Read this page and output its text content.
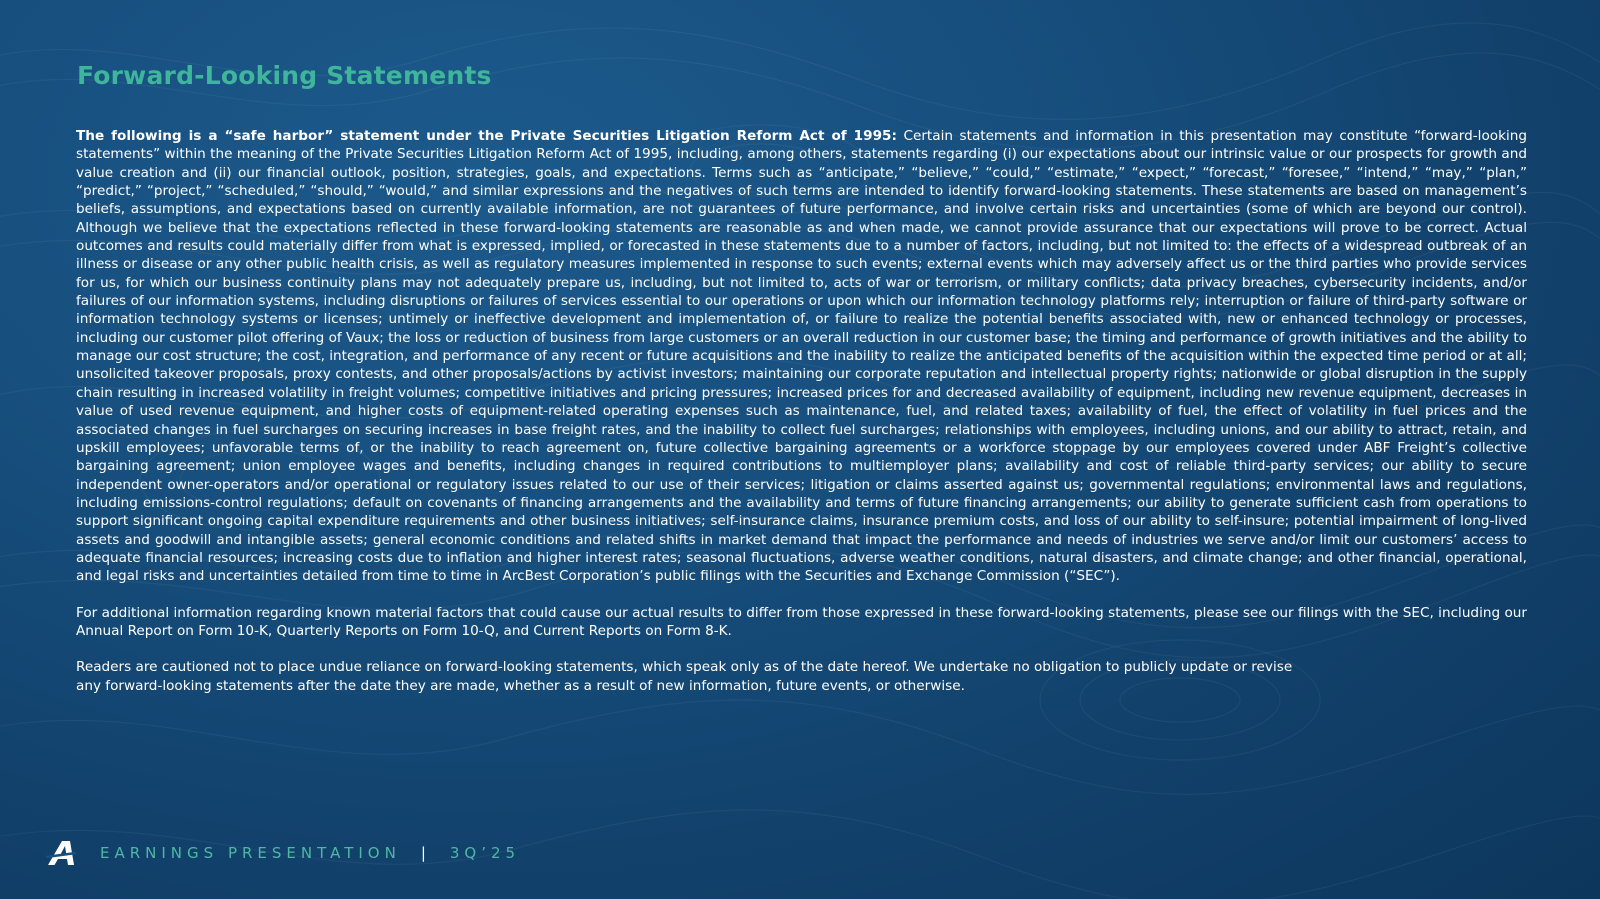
Forward-Looking Statements

The following is a “safe harbor” statement under the Private Securities Litigation Reform Act of 1995: Certain statements and information in this presentation may constitute “forward-looking statements” within the meaning of the Private Securities Litigation Reform Act of 1995, including, among others, statements regarding (i) our expectations about our intrinsic value or our prospects for growth and value creation and (ii) our financial outlook, position, strategies, goals, and expectations. Terms such as “anticipate,” “believe,” “could,” “estimate,” “expect,” “forecast,” “foresee,” “intend,” “may,” “plan,” “predict,” “project,” “scheduled,” “should,” “would,” and similar expressions and the negatives of such terms are intended to identify forward-looking statements. These statements are based on management’s beliefs, assumptions, and expectations based on currently available information, are not guarantees of future performance, and involve certain risks and uncertainties (some of which are beyond our control). Although we believe that the expectations reflected in these forward-looking statements are reasonable as and when made, we cannot provide assurance that our expectations will prove to be correct. Actual outcomes and results could materially differ from what is expressed, implied, or forecasted in these statements due to a number of factors, including, but not limited to: the effects of a widespread outbreak of an illness or disease or any other public health crisis, as well as regulatory measures implemented in response to such events; external events which may adversely affect us or the third parties who provide services for us, for which our business continuity plans may not adequately prepare us, including, but not limited to, acts of war or terrorism, or military conflicts; data privacy breaches, cybersecurity incidents, and/or failures of our information systems, including disruptions or failures of services essential to our operations or upon which our information technology platforms rely; interruption or failure of third-party software or information technology systems or licenses; untimely or ineffective development and implementation of, or failure to realize the potential benefits associated with, new or enhanced technology or processes, including our customer pilot offering of Vaux; the loss or reduction of business from large customers or an overall reduction in our customer base; the timing and performance of growth initiatives and the ability to manage our cost structure; the cost, integration, and performance of any recent or future acquisitions and the inability to realize the anticipated benefits of the acquisition within the expected time period or at all; unsolicited takeover proposals, proxy contests, and other proposals/actions by activist investors; maintaining our corporate reputation and intellectual property rights; nationwide or global disruption in the supply chain resulting in increased volatility in freight volumes; competitive initiatives and pricing pressures; increased prices for and decreased availability of equipment, including new revenue equipment, decreases in value of used revenue equipment, and higher costs of equipment-related operating expenses such as maintenance, fuel, and related taxes; availability of fuel, the effect of volatility in fuel prices and the associated changes in fuel surcharges on securing increases in base freight rates, and the inability to collect fuel surcharges; relationships with employees, including unions, and our ability to attract, retain, and upskill employees; unfavorable terms of, or the inability to reach agreement on, future collective bargaining agreements or a workforce stoppage by our employees covered under ABF Freight’s collective bargaining agreement; union employee wages and benefits, including changes in required contributions to multiemployer plans; availability and cost of reliable third-party services; our ability to secure independent owner-operators and/or operational or regulatory issues related to our use of their services; litigation or claims asserted against us; governmental regulations; environmental laws and regulations, including emissions-control regulations; default on covenants of financing arrangements and the availability and terms of future financing arrangements; our ability to generate sufficient cash from operations to support significant ongoing capital expenditure requirements and other business initiatives; self-insurance claims, insurance premium costs, and loss of our ability to self-insure; potential impairment of long-lived assets and goodwill and intangible assets; general economic conditions and related shifts in market demand that impact the performance and needs of industries we serve and/or limit our customers’ access to adequate financial resources; increasing costs due to inflation and higher interest rates; seasonal fluctuations, adverse weather conditions, natural disasters, and climate change; and other financial, operational, and legal risks and uncertainties detailed from time to time in ArcBest Corporation’s public filings with the Securities and Exchange Commission (“SEC”).

For additional information regarding known material factors that could cause our actual results to differ from those expressed in these forward-looking statements, please see our filings with the SEC, including our Annual Report on Form 10-K, Quarterly Reports on Form 10-Q, and Current Reports on Form 8-K.

Readers are cautioned not to place undue reliance on forward-looking statements, which speak only as of the date hereof. We undertake no obligation to publicly update or revise
any forward-looking statements after the date they are made, whether as a result of new information, future events, or otherwise.

EARNINGS PRESENTATION | 3Q’25
